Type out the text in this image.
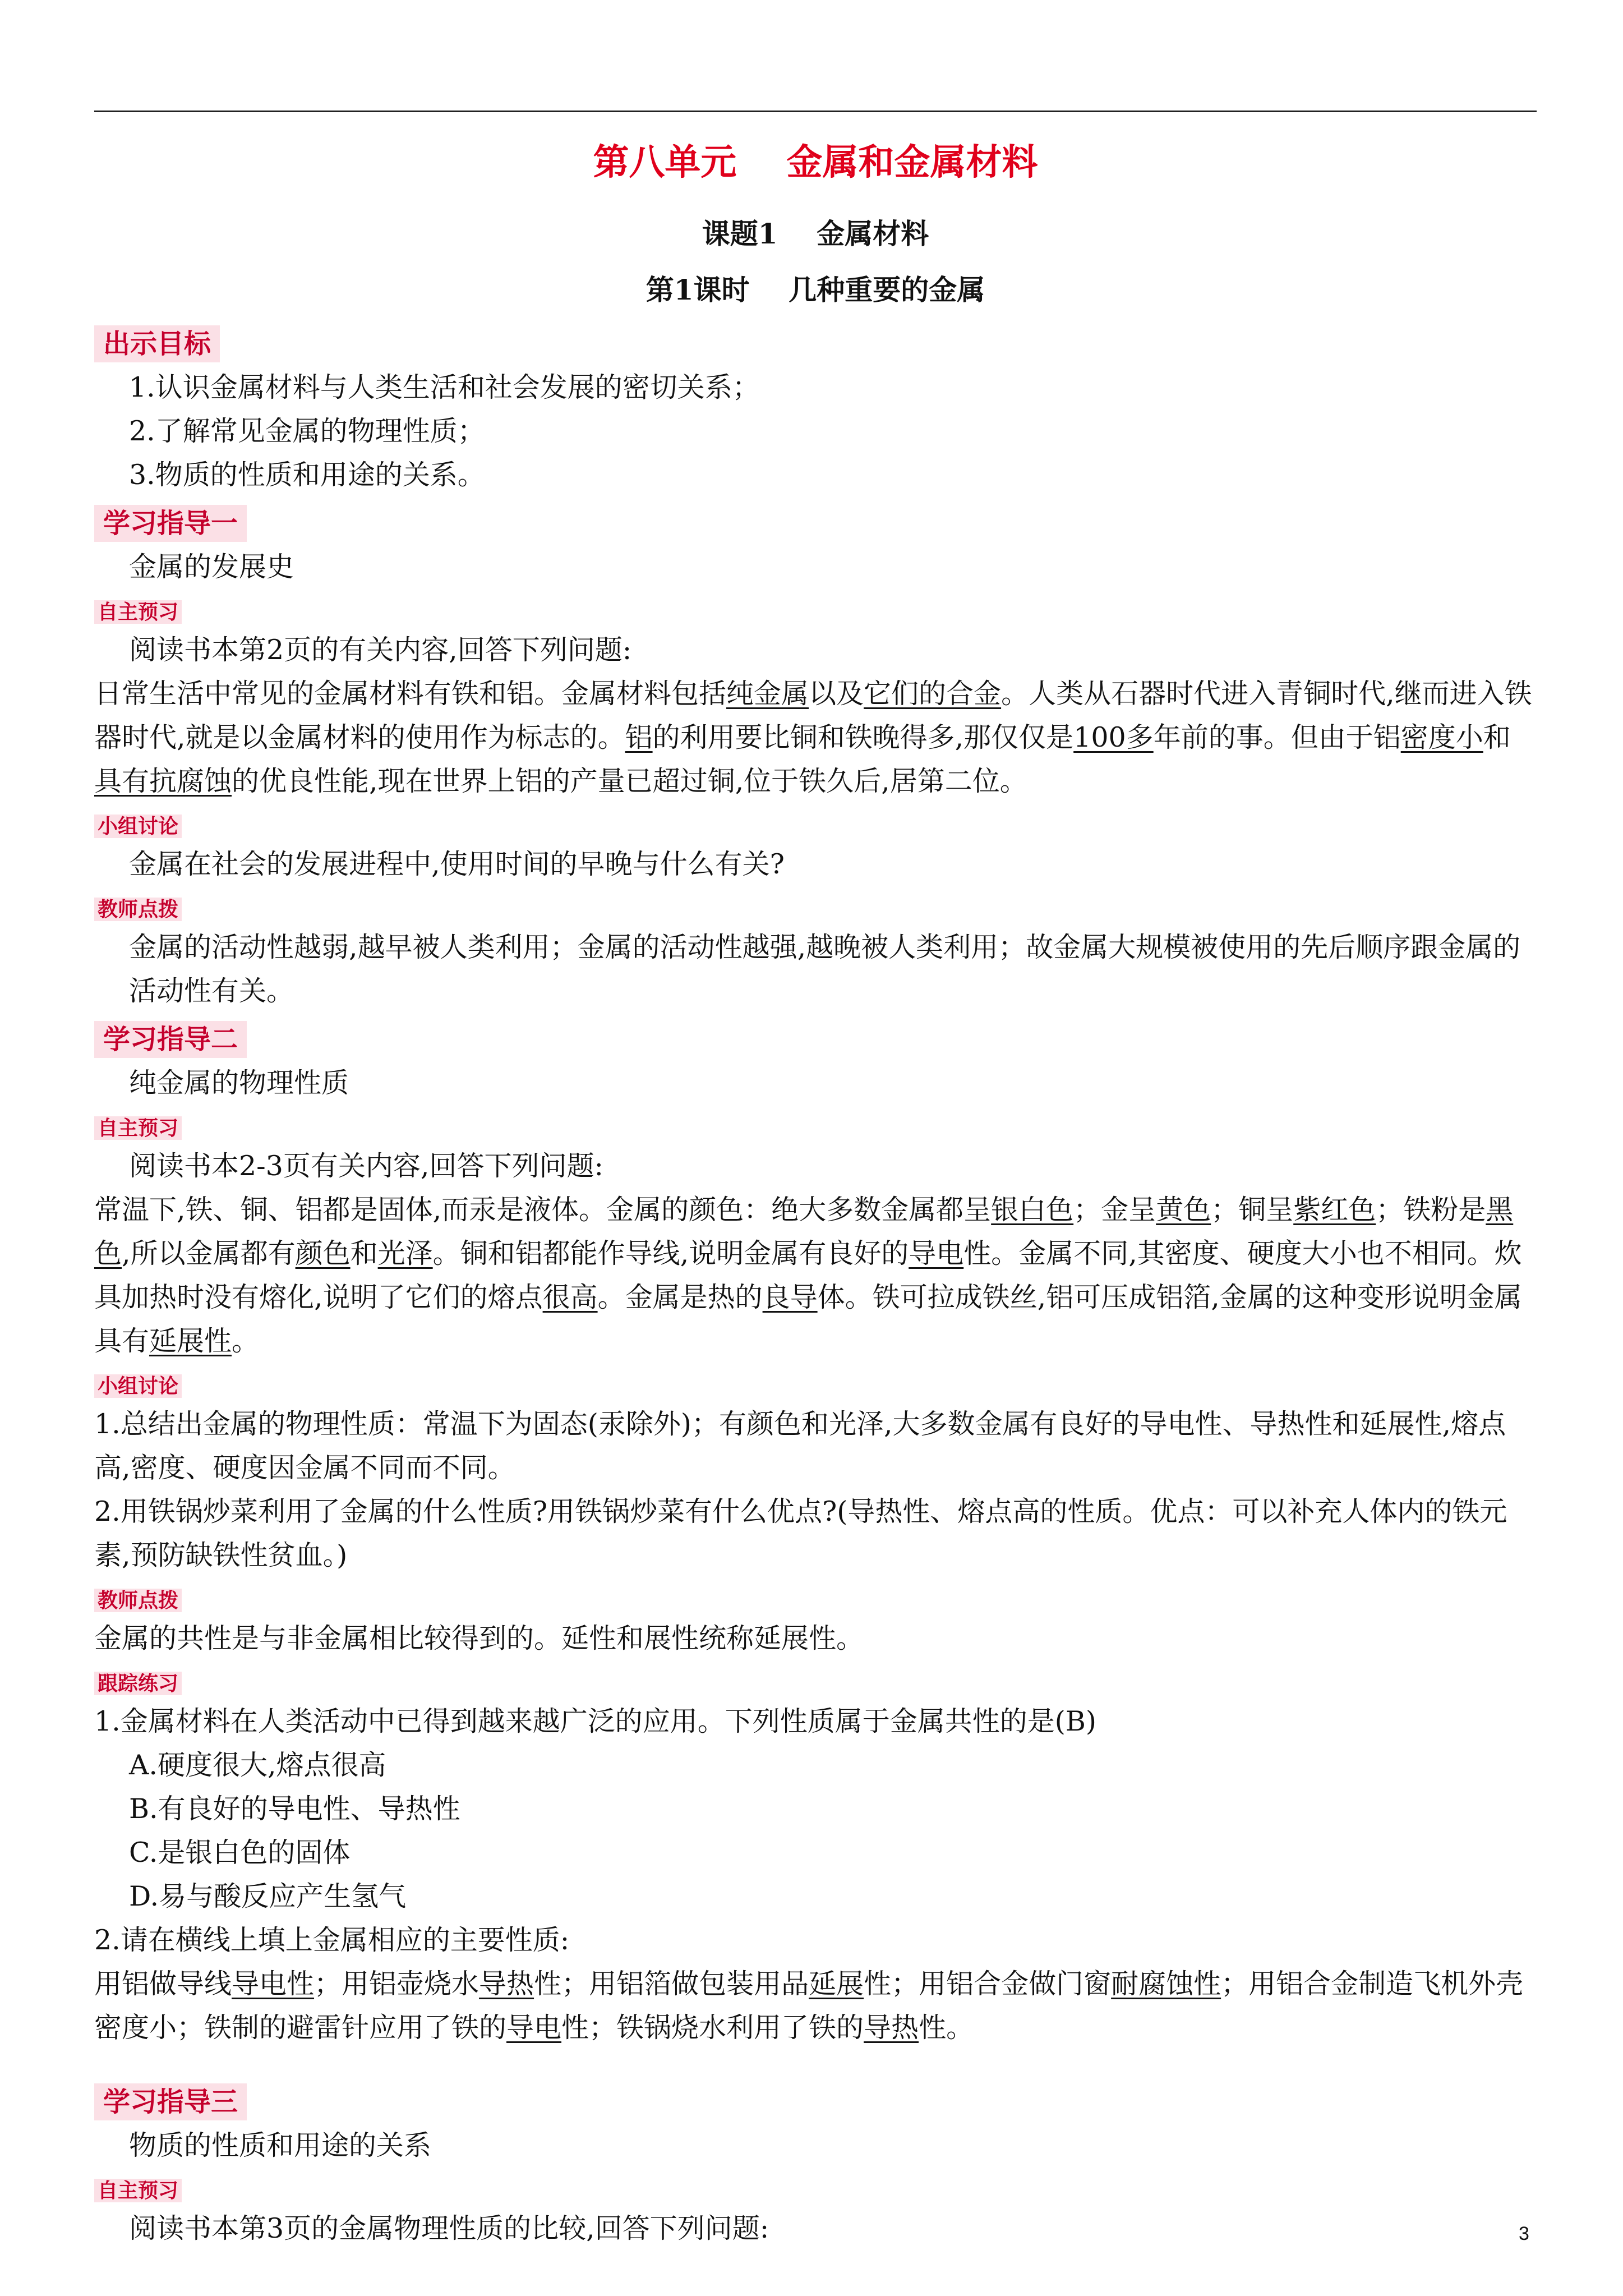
第八单元    金属和金属材料
课题1    金属材料
第1课时    几种重要的金属
出示目标

1.认识金属材料与人类生活和社会发展的密切关系；

2.了解常见金属的物理性质；

3.物质的性质和用途的关系。

学习指导一

金属的发展史

自主预习

阅读书本第2页的有关内容,回答下列问题:

日常生活中常见的金属材料有铁和铝。金属材料包括纯金属以及它们的合金。人类从石器时代进入青铜时代,继而进入铁器时代,就是以金属材料的使用作为标志的。铝的利用要比铜和铁晚得多,那仅仅是100多年前的事。但由于铝密度小和具有抗腐蚀的优良性能,现在世界上铝的产量已超过铜,位于铁久后,居第二位。

小组讨论

金属在社会的发展进程中,使用时间的早晚与什么有关?

教师点拨

金属的活动性越弱,越早被人类利用；金属的活动性越强,越晚被人类利用；故金属大规模被使用的先后顺序跟金属的活动性有关。

学习指导二

纯金属的物理性质

自主预习

阅读书本2-3页有关内容,回答下列问题:

常温下,铁、铜、铝都是固体,而汞是液体。金属的颜色：绝大多数金属都呈银白色；金呈黄色；铜呈紫红色；铁粉是黑色,所以金属都有颜色和光泽。铜和铝都能作导线,说明金属有良好的导电性。金属不同,其密度、硬度大小也不相同。炊具加热时没有熔化,说明了它们的熔点很高。金属是热的良导体。铁可拉成铁丝,铝可压成铝箔,金属的这种变形说明金属具有延展性。

小组讨论

1.总结出金属的物理性质：常温下为固态(汞除外)；有颜色和光泽,大多数金属有良好的导电性、导热性和延展性,熔点高,密度、硬度因金属不同而不同。

2.用铁锅炒菜利用了金属的什么性质?用铁锅炒菜有什么优点?(导热性、熔点高的性质。优点：可以补充人体内的铁元素,预防缺铁性贫血。)

教师点拨

金属的共性是与非金属相比较得到的。延性和展性统称延展性。

跟踪练习

1.金属材料在人类活动中已得到越来越广泛的应用。下列性质属于金属共性的是(B)

A.硬度很大,熔点很高

B.有良好的导电性、导热性

C.是银白色的固体

D.易与酸反应产生氢气

2.请在横线上填上金属相应的主要性质:

用铝做导线导电性；用铝壶烧水导热性；用铝箔做包装用品延展性；用铝合金做门窗耐腐蚀性；用铝合金制造飞机外壳密度小；铁制的避雷针应用了铁的导电性；铁锅烧水利用了铁的导热性。

学习指导三

物质的性质和用途的关系

自主预习

阅读书本第3页的金属物理性质的比较,回答下列问题:	3
